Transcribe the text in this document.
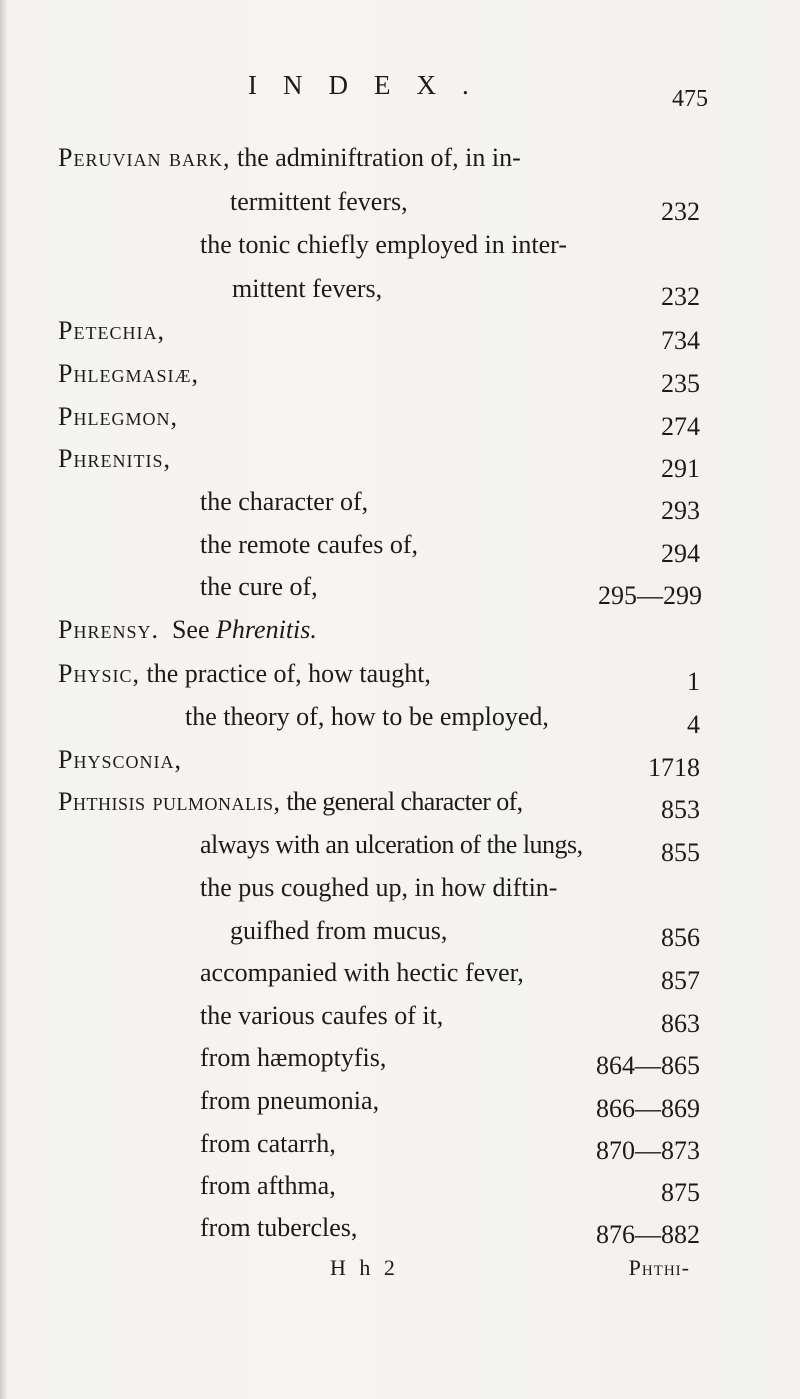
INDEX.	475
Peruvian bark, the adminiftration of, in in-
termittent fevers,	232
the tonic chiefly employed in inter-
mittent fevers,	232
Petechia,	734
Phlegmasiæ,	235
Phlegmon,	274
Phrenitis,	291
the character of,	293
the remote caufes of,	294
the cure of,	295—299
Phrensy.  See Phrenitis.
Physic, the practice of, how taught,	1
the theory of, how to be employed,	4
Physconia,	1718
Phthisis pulmonalis, the general character of,	853
always with an ulceration of the lungs,	855
the pus coughed up, in how diftin-
guifhed from mucus,	856
accompanied with hectic fever,	857
the various caufes of it,	863
from hæmoptyfis,	864—865
from pneumonia,	866—869
from catarrh,	870—873
from afthma,	875
from tubercles,	876—882
H h 2	Phthi-
